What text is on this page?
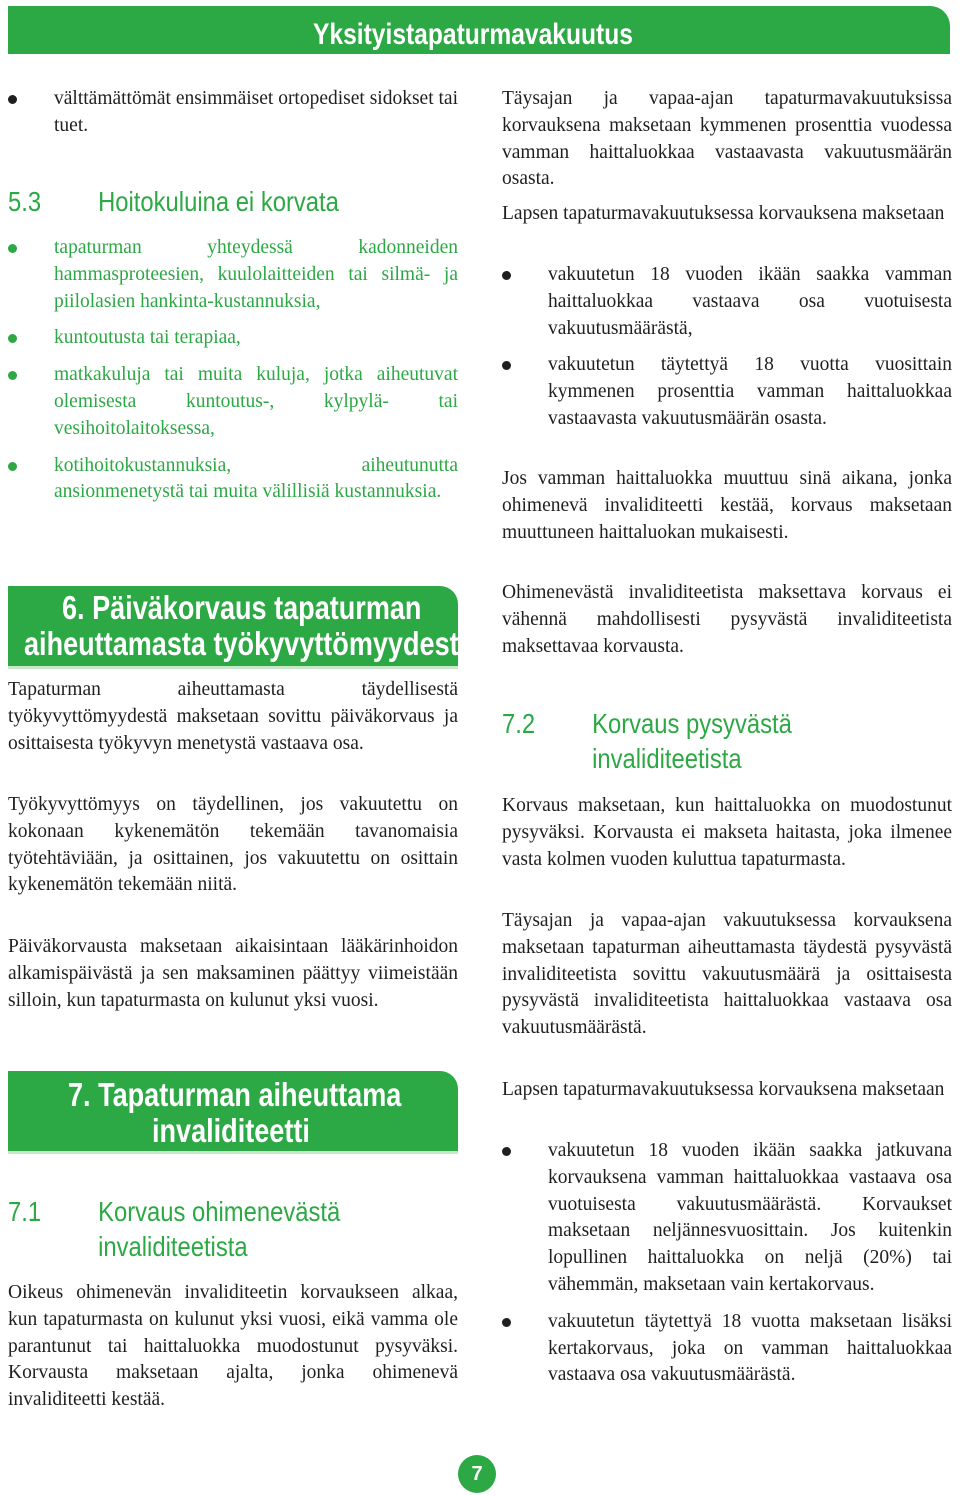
Yksityistapaturmavakuutus
välttämättömät ensimmäiset ortopediset sidokset tai tuet.
5.3 Hoitokuluina ei korvata
tapaturman yhteydessä kadonneiden hammasproteesien, kuulolaitteiden tai silmä- ja piilolasien hankinta-kustannuksia,
kuntoutusta tai terapiaa,
matkakuluja tai muita kuluja, jotka aiheutuvat olemisesta kuntoutus-, kylpylä- tai vesihoitolaitoksessa,
kotihoitokustannuksia, aiheutunutta ansionmenetystä tai muita välillisiä kustannuksia.
6. Päiväkorvaus tapaturman
aiheuttamasta työkyvyttömyydestä

Tapaturman aiheuttamasta täydellisestä työkyvyttömyydestä maksetaan sovittu päiväkorvaus ja osittaisesta työkyvyn menetystä vastaava osa.

Työkyvyttömyys on täydellinen, jos vakuutettu on kokonaan kykenemätön tekemään tavanomaisia työtehtäviään, ja osittainen, jos vakuutettu on osittain kykenemätön tekemään niitä.

Päiväkorvausta maksetaan aikaisintaan lääkärinhoidon alkamispäivästä ja sen maksaminen päättyy viimeistään silloin, kun tapaturmasta on kulunut yksi vuosi.

7. Tapaturman aiheuttama
invaliditeetti
7.1 Korvaus ohimenevästä
invaliditeetista

Oikeus ohimenevän invaliditeetin korvaukseen alkaa, kun tapaturmasta on kulunut yksi vuosi, eikä vamma ole parantunut tai haittaluokka muodostunut pysyväksi. Korvausta maksetaan ajalta, jonka ohimenevä invaliditeetti kestää.

Täysajan ja vapaa-ajan tapaturmavakuutuksissa korvauksena maksetaan kymmenen prosenttia vuodessa vamman haittaluokkaa vastaavasta vakuutusmäärän osasta.

Lapsen tapaturmavakuutuksessa korvauksena maksetaan

vakuutetun 18 vuoden ikään saakka vamman haittaluokkaa vastaava osa vuotuisesta vakuutusmäärästä,
vakuutetun täytettyä 18 vuotta vuosittain kymmenen prosenttia vamman haittaluokkaa vastaavasta vakuutusmäärän osasta.

Jos vamman haittaluokka muuttuu sinä aikana, jonka ohimenevä invaliditeetti kestää, korvaus maksetaan muuttuneen haittaluokan mukaisesti.

Ohimenevästä invaliditeetista maksettava korvaus ei vähennä mahdollisesti pysyvästä invaliditeetista maksettavaa korvausta.

7.2 Korvaus pysyvästä
invaliditeetista

Korvaus maksetaan, kun haittaluokka on muodostunut pysyväksi. Korvausta ei makseta haitasta, joka ilmenee vasta kolmen vuoden kuluttua tapaturmasta.

Täysajan ja vapaa-ajan vakuutuksessa korvauksena maksetaan tapaturman aiheuttamasta täydestä pysyvästä invaliditeetista sovittu vakuutusmäärä ja osittaisesta pysyvästä invaliditeetista haittaluokkaa vastaava osa vakuutusmäärästä.

Lapsen tapaturmavakuutuksessa korvauksena maksetaan

vakuutetun 18 vuoden ikään saakka jatkuvana korvauksena vamman haittaluokkaa vastaava osa vuotuisesta vakuutusmäärästä. Korvaukset maksetaan neljännesvuosittain. Jos kuitenkin lopullinen haittaluokka on neljä (20%) tai vähemmän, maksetaan vain kertakorvaus.
vakuutetun täytettyä 18 vuotta maksetaan lisäksi kertakorvaus, joka on vamman haittaluokkaa vastaava osa vakuutusmäärästä.
7
